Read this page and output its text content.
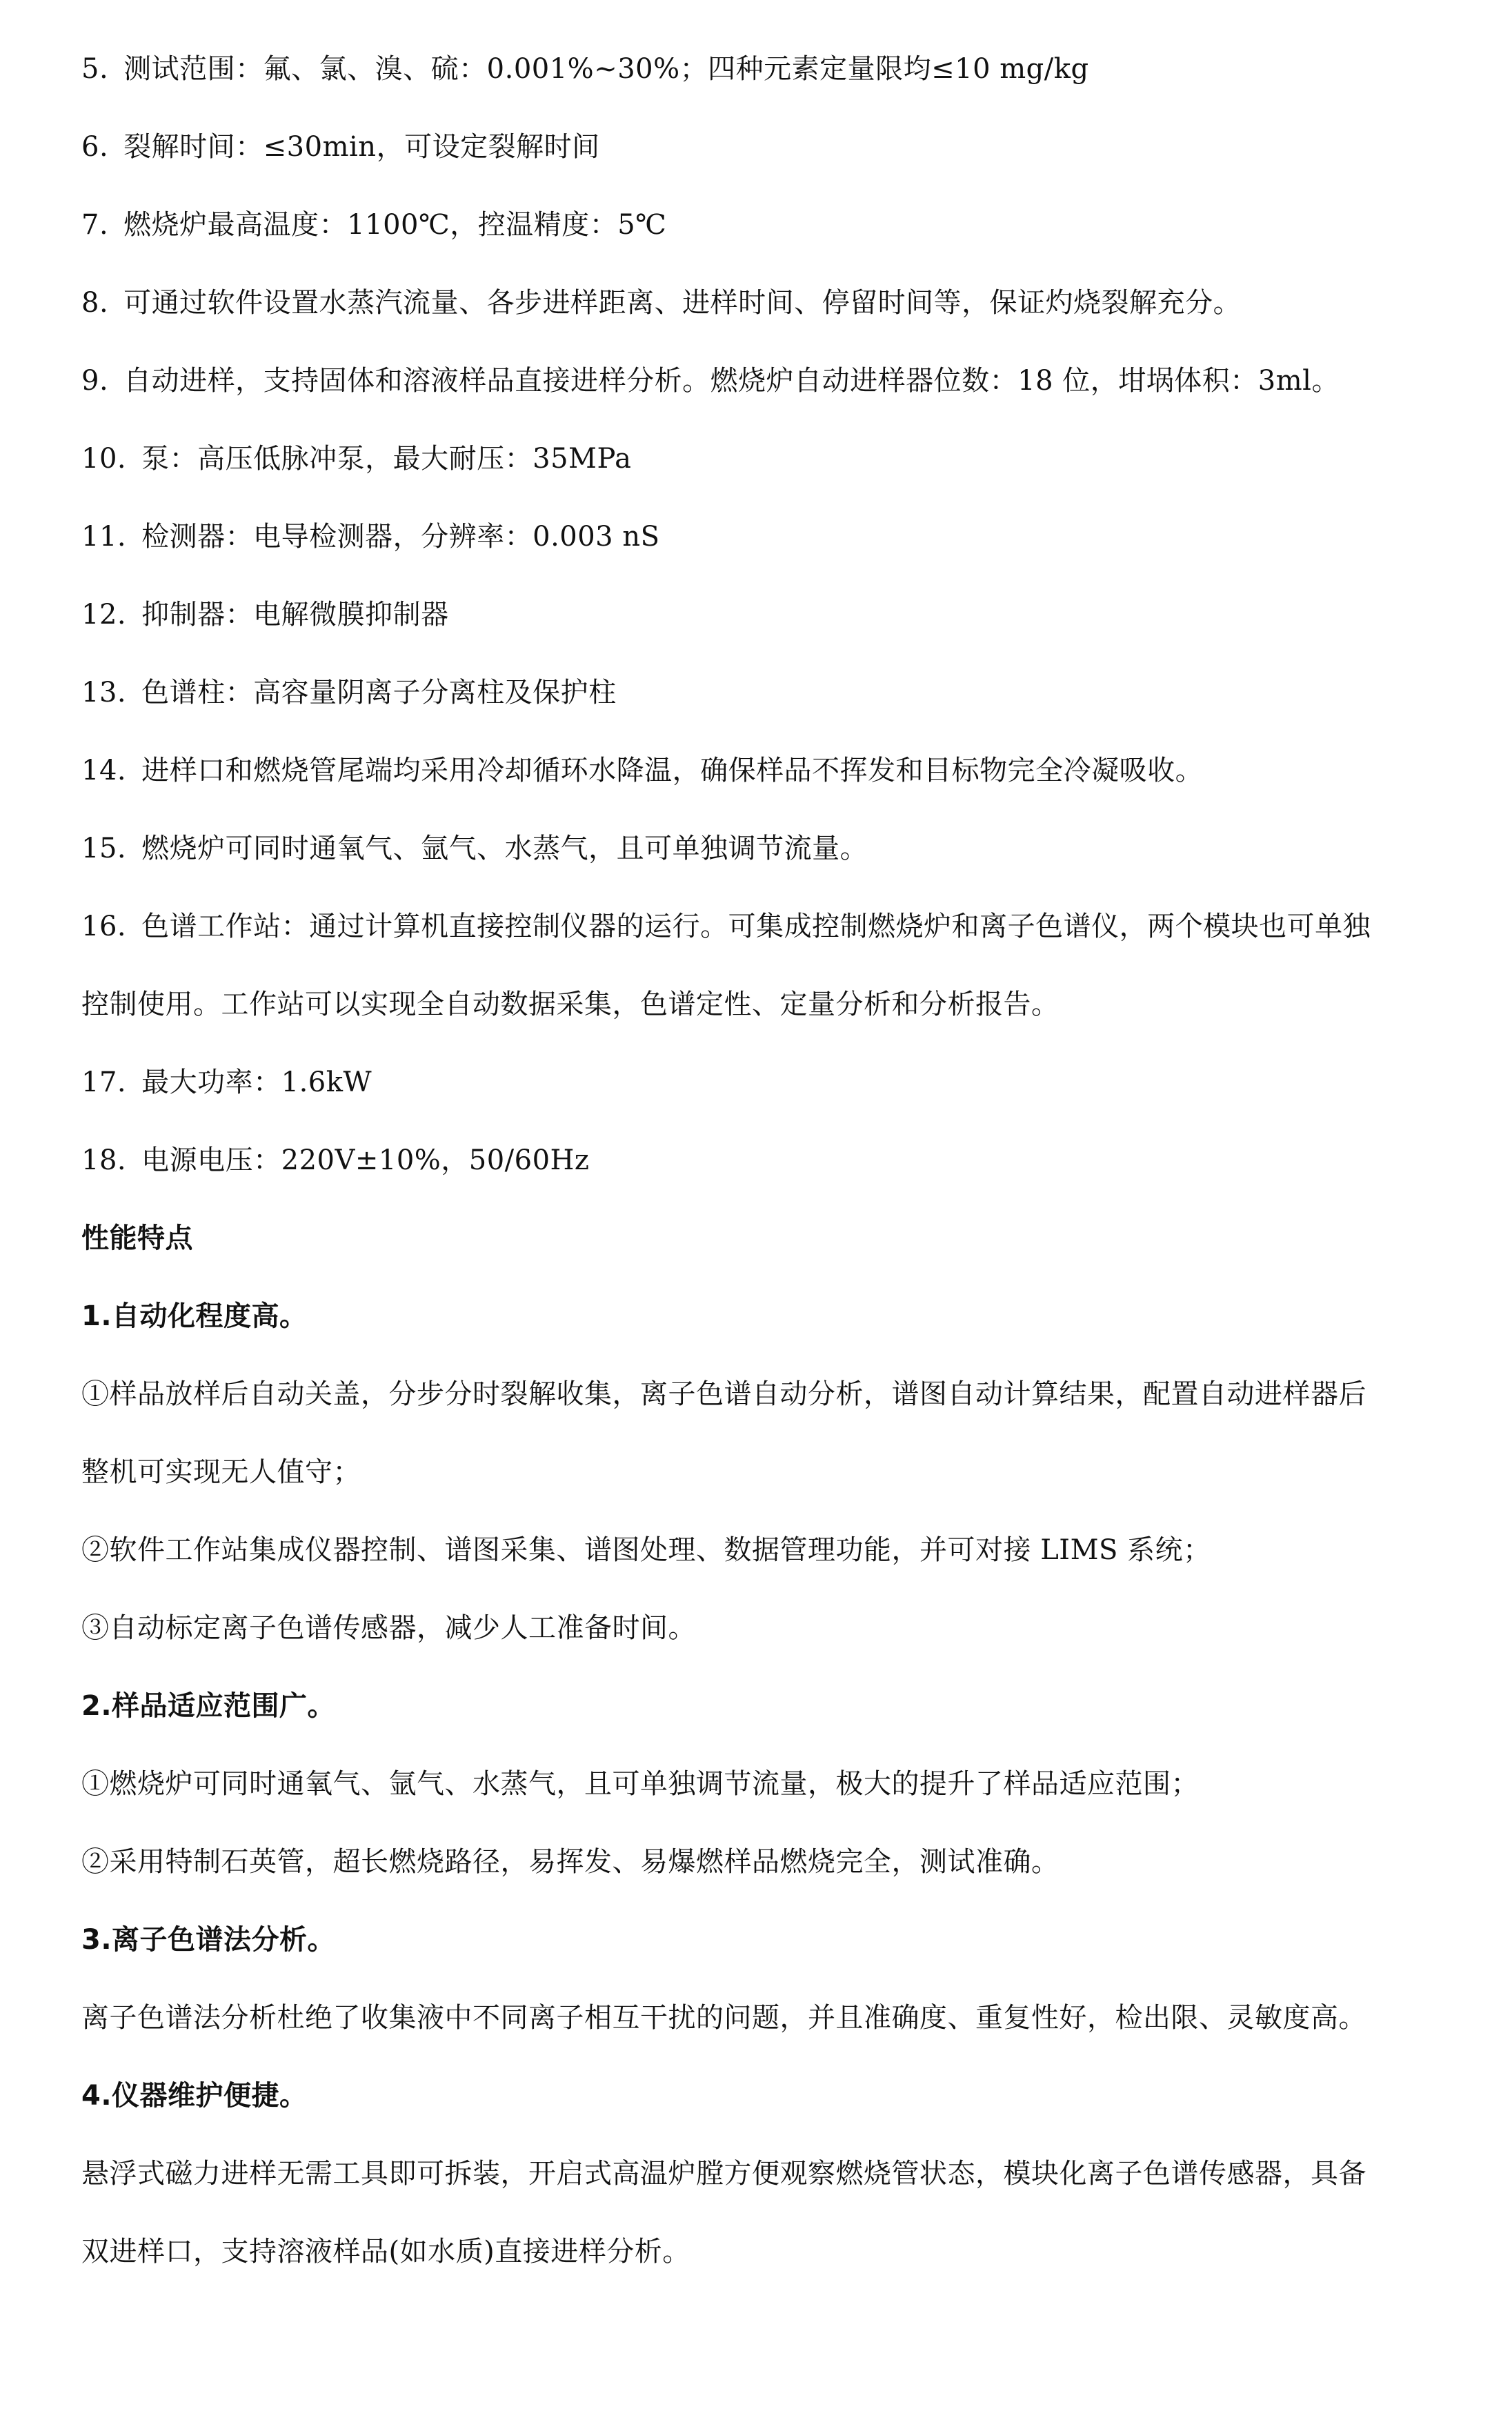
5. 测试范围：氟、氯、溴、硫：0.001%~30%；四种元素定量限均≤10 mg/kg
6. 裂解时间：≤30min，可设定裂解时间
7. 燃烧炉最高温度：1100℃，控温精度：5℃
8. 可通过软件设置水蒸汽流量、各步进样距离、进样时间、停留时间等，保证灼烧裂解充分。
9. 自动进样，支持固体和溶液样品直接进样分析。燃烧炉自动进样器位数：18 位，坩埚体积：3ml。
10. 泵：高压低脉冲泵，最大耐压：35MPa
11. 检测器：电导检测器，分辨率：0.003 nS
12. 抑制器：电解微膜抑制器
13. 色谱柱：高容量阴离子分离柱及保护柱
14. 进样口和燃烧管尾端均采用冷却循环水降温，确保样品不挥发和目标物完全冷凝吸收。
15. 燃烧炉可同时通氧气、氩气、水蒸气，且可单独调节流量。
16. 色谱工作站：通过计算机直接控制仪器的运行。可集成控制燃烧炉和离子色谱仪，两个模块也可单独
控制使用。工作站可以实现全自动数据采集，色谱定性、定量分析和分析报告。
17. 最大功率：1.6kW
18. 电源电压：220V±10%，50/60Hz
性能特点
1.自动化程度高。
①样品放样后自动关盖，分步分时裂解收集，离子色谱自动分析，谱图自动计算结果，配置自动进样器后
整机可实现无人值守；
②软件工作站集成仪器控制、谱图采集、谱图处理、数据管理功能，并可对接 LIMS 系统；
③自动标定离子色谱传感器，减少人工准备时间。
2.样品适应范围广。
①燃烧炉可同时通氧气、氩气、水蒸气，且可单独调节流量，极大的提升了样品适应范围；
②采用特制石英管，超长燃烧路径，易挥发、易爆燃样品燃烧完全，测试准确。
3.离子色谱法分析。
离子色谱法分析杜绝了收集液中不同离子相互干扰的问题，并且准确度、重复性好，检出限、灵敏度高。
4.仪器维护便捷。
悬浮式磁力进样无需工具即可拆装，开启式高温炉膛方便观察燃烧管状态，模块化离子色谱传感器，具备
双进样口，支持溶液样品(如水质)直接进样分析。
